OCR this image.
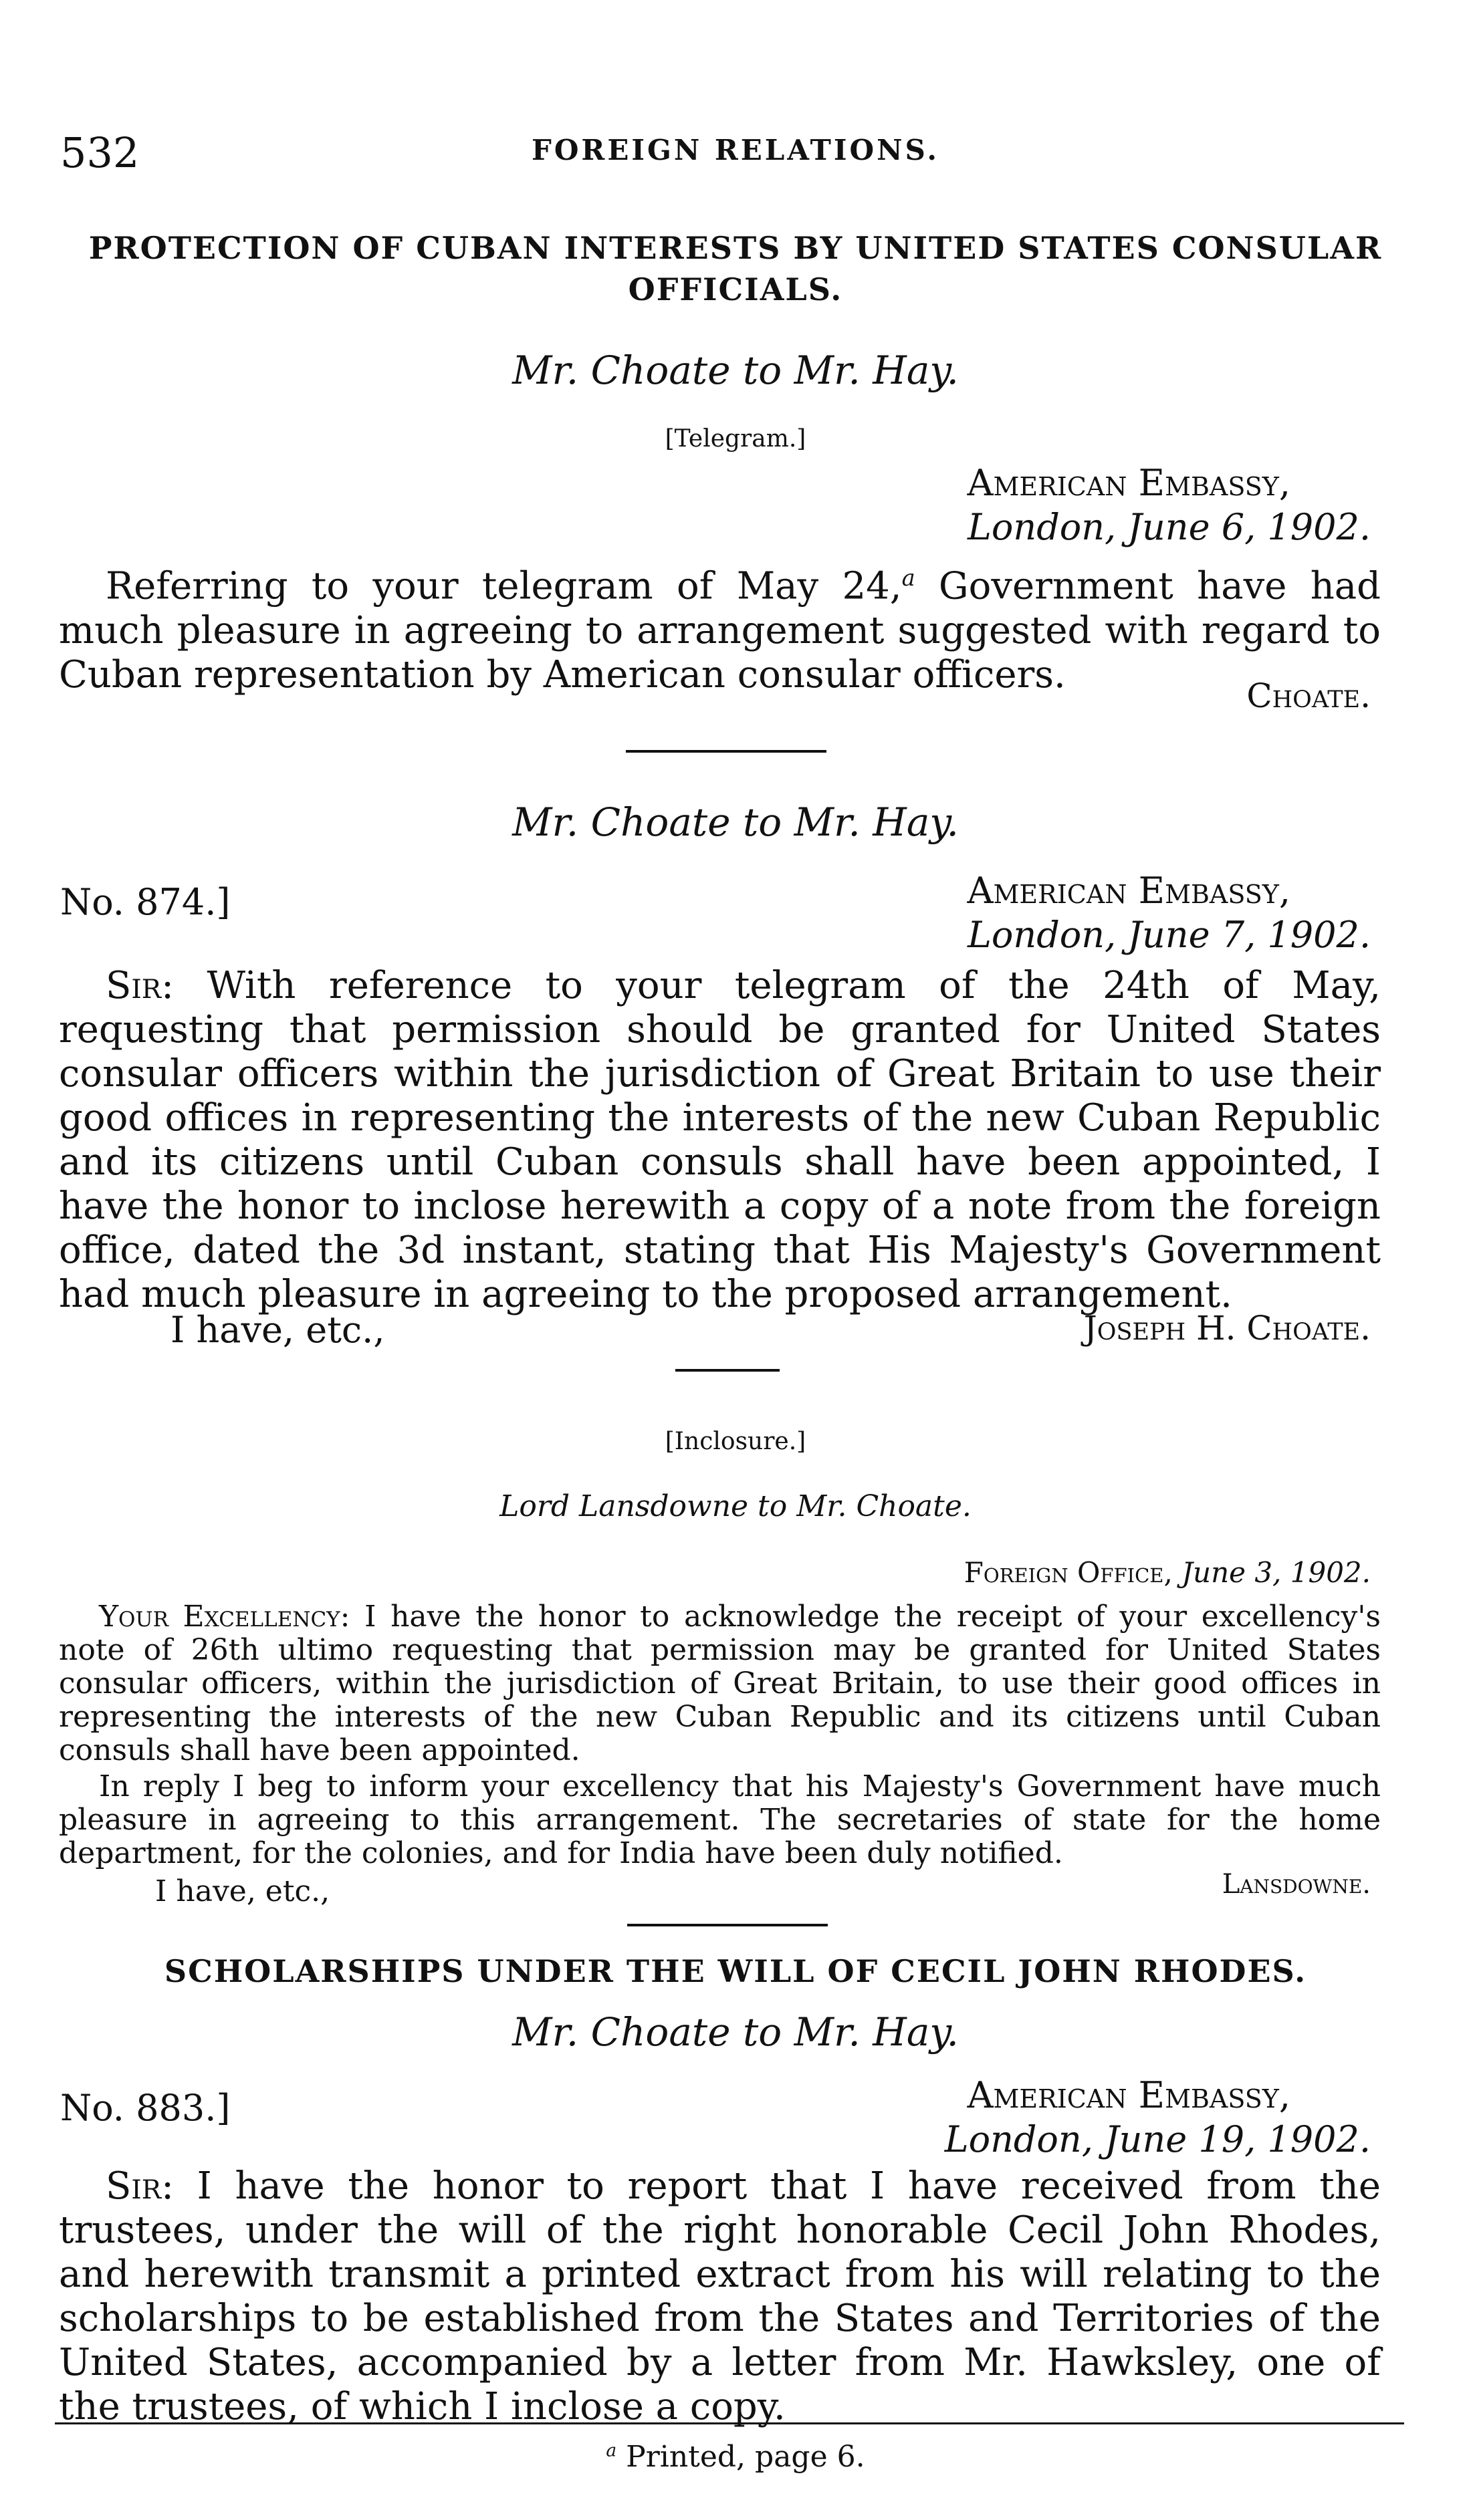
532	FOREIGN RELATIONS.
PROTECTION OF CUBAN INTERESTS BY UNITED STATES CONSULAR OFFICIALS.
Mr. Choate to Mr. Hay.
[Telegram.]
American Embassy,
London, June 6, 1902.
Referring to your telegram of May 24,$^a$ Government have had much pleasure in agreeing to arrangement suggested with regard to Cuban representation by American consular officers.	Choate.
Mr. Choate to Mr. Hay.
No. 874.]	American Embassy,
London, June 7, 1902.
Sir: With reference to your telegram of the 24th of May, requesting that permission should be granted for United States consular officers within the jurisdiction of Great Britain to use their good offices in representing the interests of the new Cuban Republic and its citizens until Cuban consuls shall have been appointed, I have the honor to inclose herewith a copy of a note from the foreign office, dated the 3d instant, stating that His Majesty's Government had much pleasure in agreeing to the proposed arrangement.
I have, etc.,	Joseph H. Choate.
[Inclosure.]
Lord Lansdowne to Mr. Choate.
Foreign Office, June 3, 1902.
Your Excellency: I have the honor to acknowledge the receipt of your excellency's note of 26th ultimo requesting that permission may be granted for United States consular officers, within the jurisdiction of Great Britain, to use their good offices in representing the interests of the new Cuban Republic and its citizens until Cuban consuls shall have been appointed.
In reply I beg to inform your excellency that his Majesty's Government have much pleasure in agreeing to this arrangement. The secretaries of state for the home department, for the colonies, and for India have been duly notified.
I have, etc.,	Lansdowne.
SCHOLARSHIPS UNDER THE WILL OF CECIL JOHN RHODES.
Mr. Choate to Mr. Hay.
No. 883.]	American Embassy,
London, June 19, 1902.
Sir: I have the honor to report that I have received from the trustees, under the will of the right honorable Cecil John Rhodes, and herewith transmit a printed extract from his will relating to the scholarships to be established from the States and Territories of the United States, accompanied by a letter from Mr. Hawksley, one of the trustees, of which I inclose a copy.
$^a$ Printed, page 6.
